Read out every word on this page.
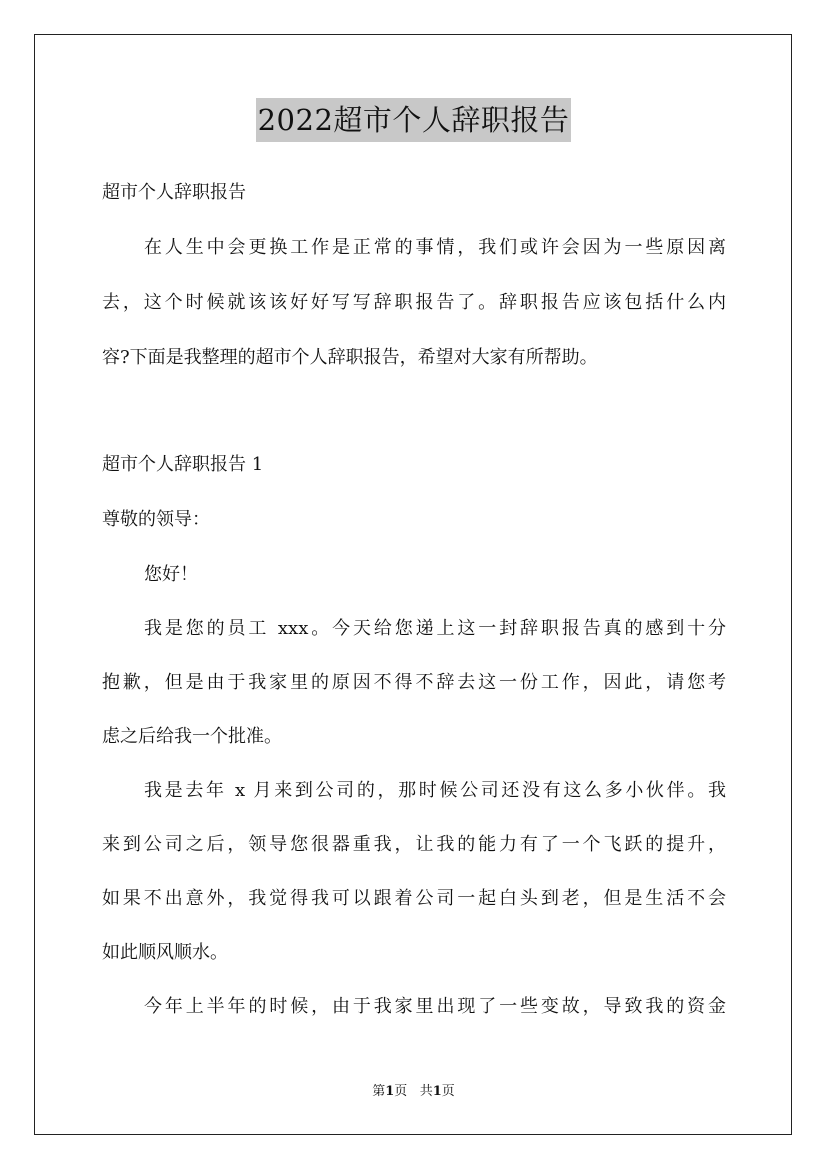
2022超市个人辞职报告
超市个人辞职报告
在人生中会更换工作是正常的事情，我们或许会因为一些原因离
去，这个时候就该该好好写写辞职报告了。辞职报告应该包括什么内
容?下面是我整理的超市个人辞职报告，希望对大家有所帮助。
超市个人辞职报告 1
尊敬的领导：
您好！
我是您的员工 xxx。今天给您递上这一封辞职报告真的感到十分
抱歉，但是由于我家里的原因不得不辞去这一份工作，因此，请您考
虑之后给我一个批准。
我是去年 x 月来到公司的，那时候公司还没有这么多小伙伴。我
来到公司之后，领导您很器重我，让我的能力有了一个飞跃的提升，
如果不出意外，我觉得我可以跟着公司一起白头到老，但是生活不会
如此顺风顺水。
今年上半年的时候，由于我家里出现了一些变故，导致我的资金
第1页 共1页
